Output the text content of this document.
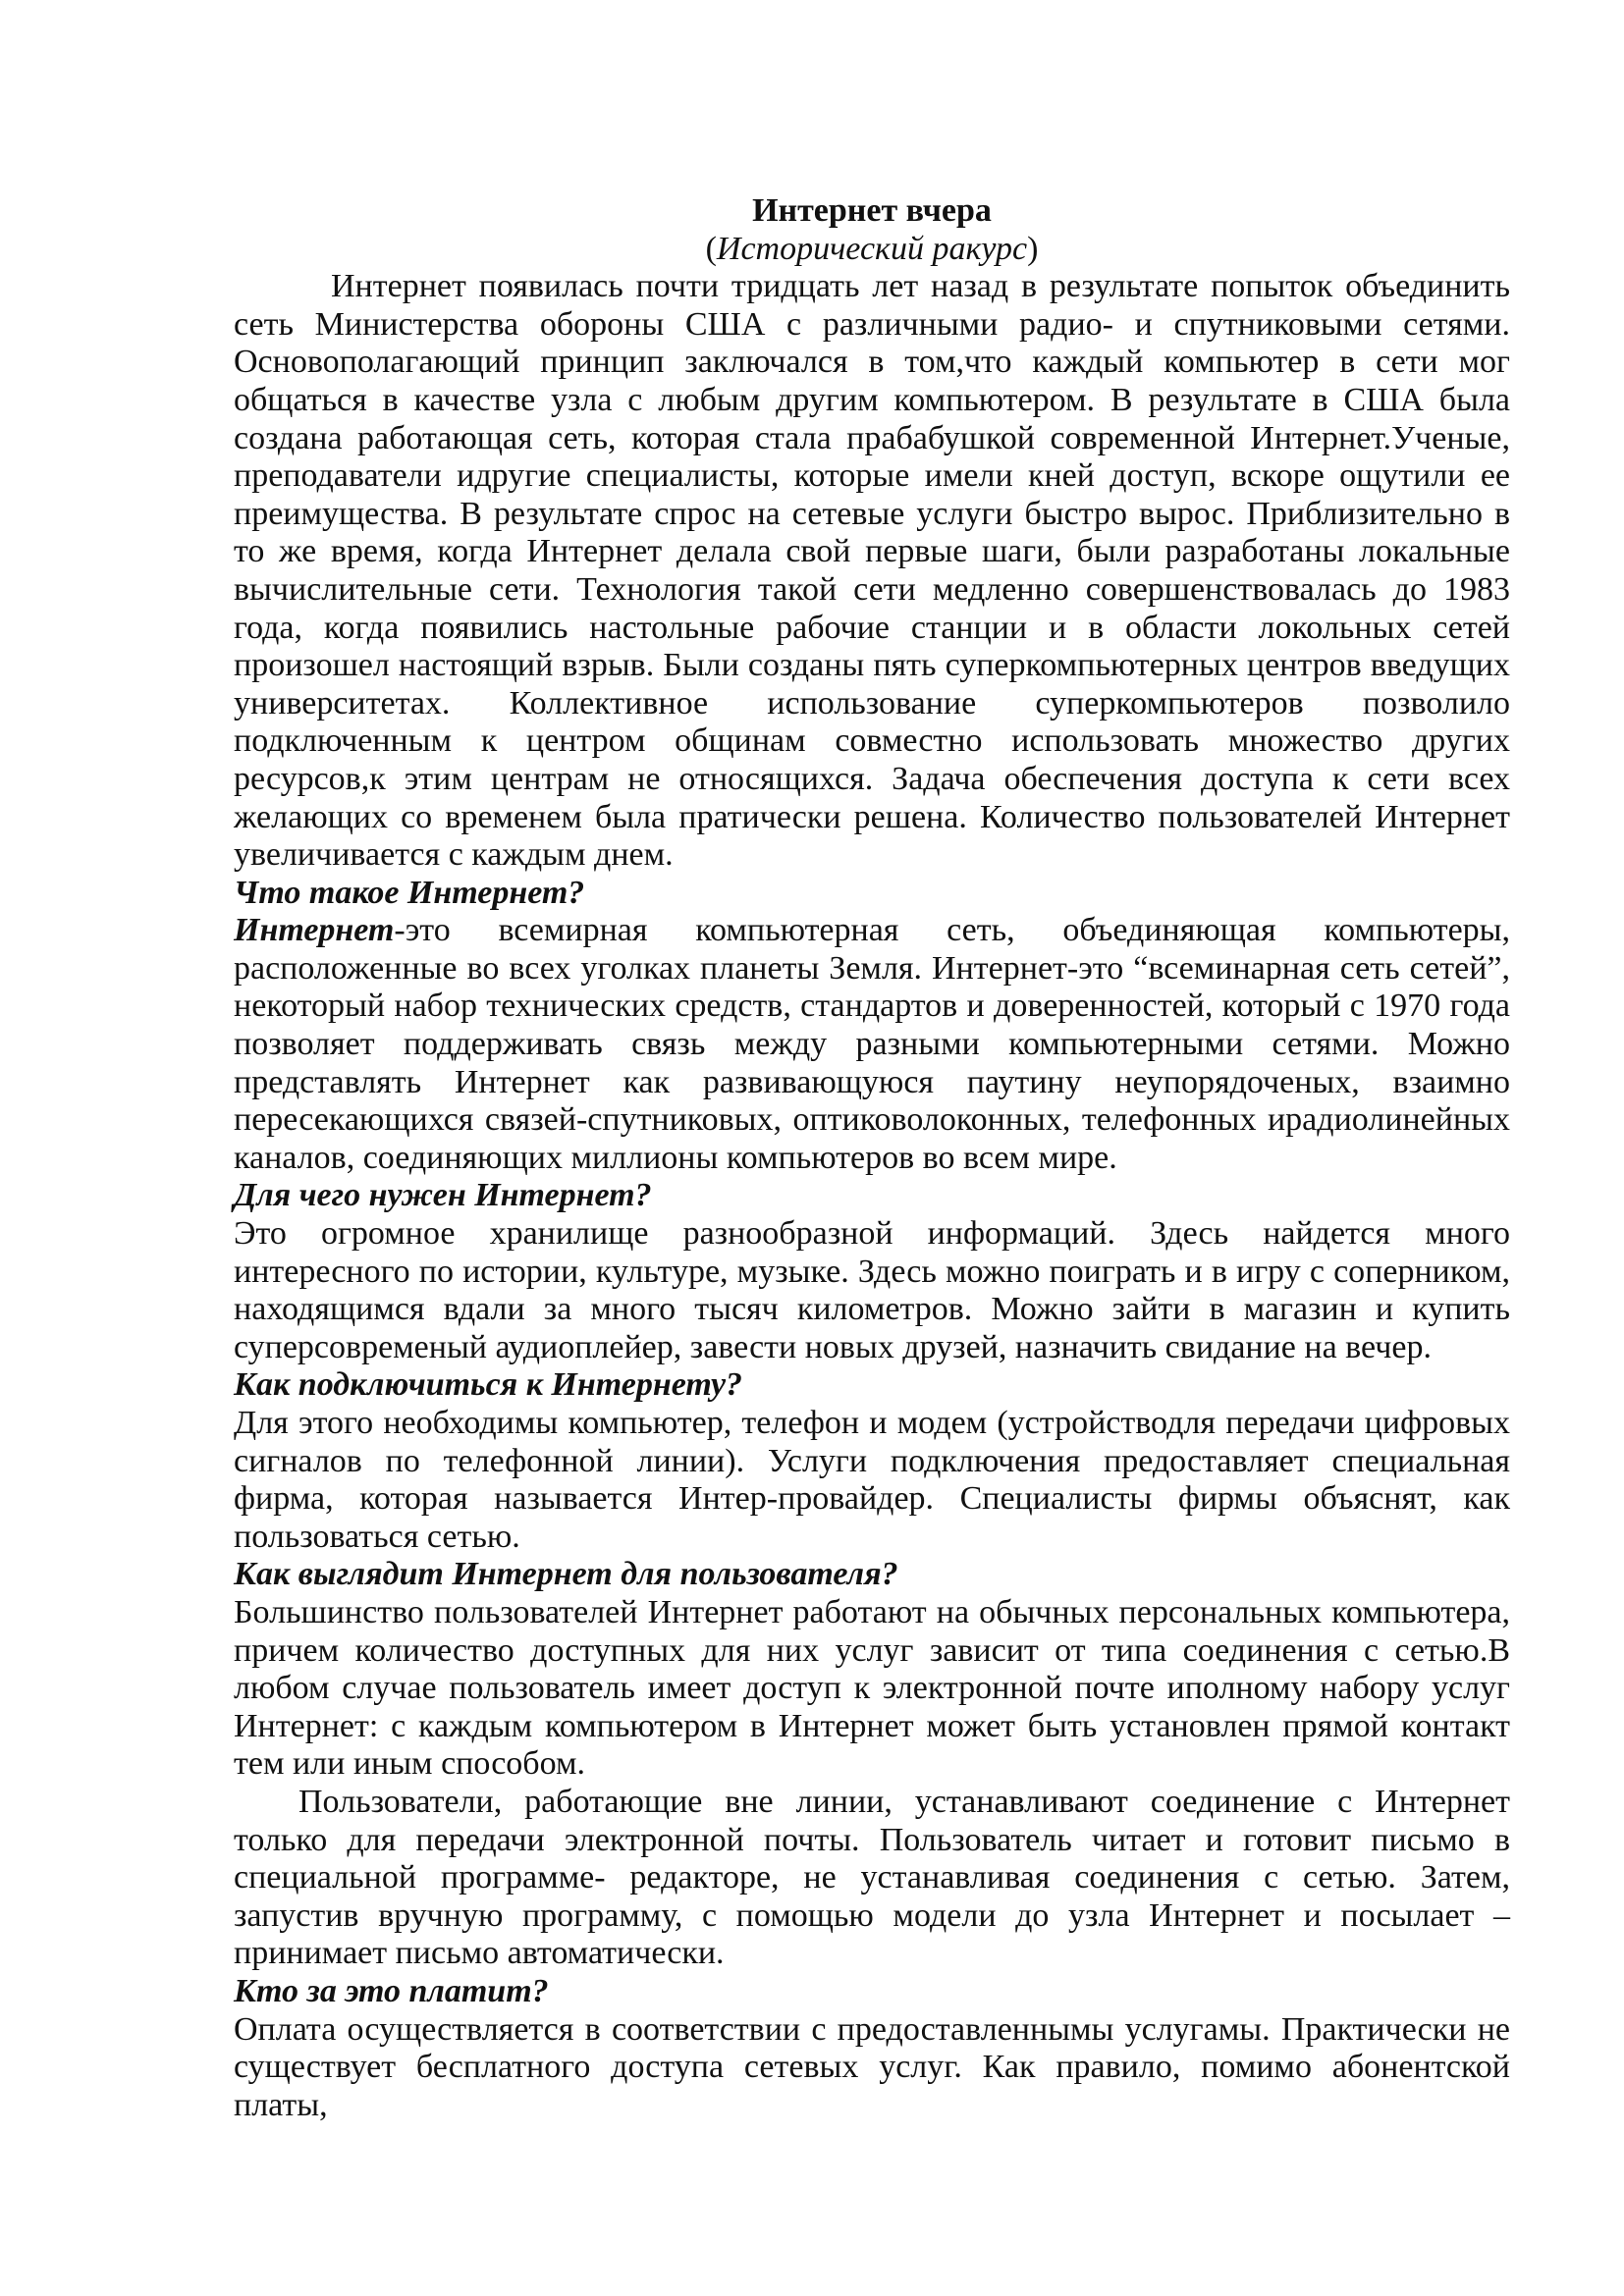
Интернет вчера
(Исторический ракурс)

Интернет появилась почти тридцать лет назад в результате попыток объединить сеть Министерства обороны США с различными радио- и спутниковыми сетями. Основополагающий принцип заключался в том,что каждый компьютер в сети мог общаться в качестве узла с любым другим компьютером. В результате в США была создана работающая сеть, которая стала прабабушкой современной Интернет.Ученые, преподаватели идругие специалисты, которые имели кней доступ, вскоре ощутили ее преимущества. В результате спрос на сетевые услуги быстро вырос. Приблизительно в то же время, когда Интернет делала свой первые шаги, были разработаны локальные вычислительные сети. Технология такой сети медленно совершенствовалась до 1983 года, когда появились настольные рабочие станции и в области локольных сетей произошел настоящий взрыв. Были созданы пять суперкомпьютерных центров введущих университетах. Коллективное использование суперкомпьютеров позволило подключенным к центром общинам совместно использовать множество других ресурсов,к этим центрам не относящихся. Задача обеспечения доступа к сети всех желающих со временем была пратически решена. Количество пользователей Интернет увеличивается с каждым днем.

Что такое Интернет?

Интернет-это всемирная компьютерная сеть, объединяющая компьютеры, расположенные во всех уголках планеты Земля. Интернет-это “всеминарная сеть сетей”, некоторый набор технических средств, стандартов и доверенностей, который с 1970 года позволяет поддерживать связь между разными компьютерными сетями. Можно представлять Интернет как развивающуюся паутину неупорядоченых, взаимно пересекающихся связей-спутниковых, оптиковолоконных, телефонных ирадиолинейных каналов, соединяющих миллионы компьютеров во всем мире.

Для чего нужен Интернет?

Это огромное хранилище разнообразной информаций. Здесь найдется много интересного по истории, культуре, музыке. Здесь можно поиграть и в игру с соперником, находящимся вдали за много тысяч километров. Можно зайти в магазин и купить суперсовременый аудиоплейер, завести новых друзей, назначить свидание на вечер.

Как подключиться к Интернету?

Для этого необходимы компьютер, телефон и модем (устройстводля передачи цифровых сигналов по телефонной линии). Услуги подключения предоставляет специальная фирма, которая называется Интер-провайдер. Специалисты фирмы объяснят, как пользоваться сетью.

Как выглядит Интернет для пользователя?

Большинство пользователей Интернет работают на обычных персональных компьютера, причем количество доступных для них услуг зависит от типа соединения с сетью.В любом случае пользователь имеет доступ к электронной почте иполному набору услуг Интернет: с каждым компьютером в Интернет может быть установлен прямой контакт тем или иным способом.

Пользователи, работающие вне линии, устанавливают соединение с Интернет только для передачи электронной почты. Пользователь читает и готовит письмо в специальной программе- редакторе, не устанавливая соединения с сетью. Затем, запустив вручную программу, с помощью модели до узла Интернет и посылает –принимает письмо автоматически.

Кто за это платит?

Оплата осуществляется в соответствии с предоставленнымы услугамы. Практически не существует бесплатного доступа сетевых услуг. Как правило, помимо абонентской платы,
